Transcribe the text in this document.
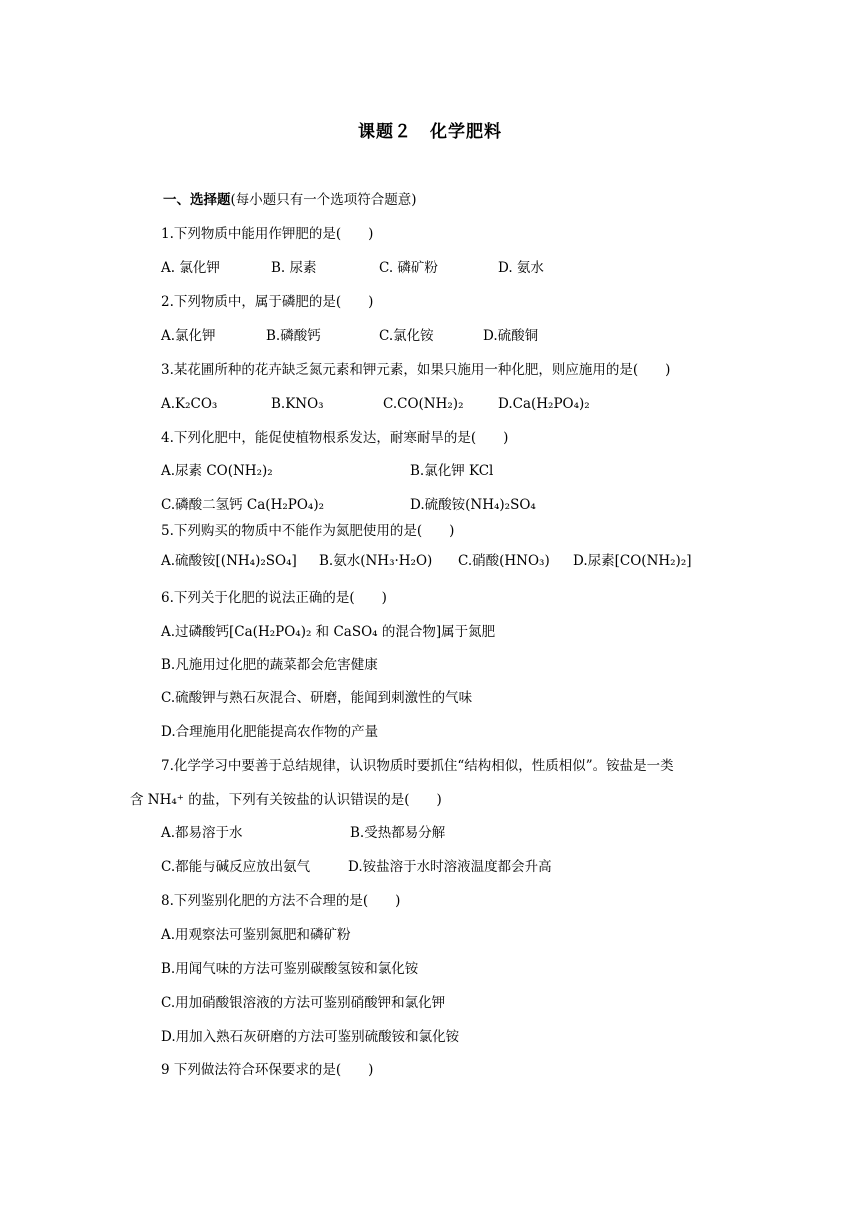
课题２　化学肥料
一、选择题(每小题只有一个选项符合题意)
1.下列物质中能用作钾肥的是(　　)
A. 氯化钾	B. 尿素	C. 磷矿粉	D. 氨水
2.下列物质中，属于磷肥的是(　　)
A.氯化钾	B.磷酸钙	C.氯化铵	D.硫酸铜
3.某花圃所种的花卉缺乏氮元素和钾元素，如果只施用一种化肥，则应施用的是(　　)
A.K₂CO₃	B.KNO₃	C.CO(NH₂)₂	D.Ca(H₂PO₄)₂
4.下列化肥中，能促使植物根系发达，耐寒耐旱的是(　　)
A.尿素 CO(NH₂)₂	B.氯化钾 KCl
C.磷酸二氢钙 Ca(H₂PO₄)₂	D.硫酸铵(NH₄)₂SO₄
5.下列购买的物质中不能作为氮肥使用的是(　　)
A.硫酸铵[(NH₄)₂SO₄] B.氨水(NH₃·H₂O) C.硝酸(HNO₃) D.尿素[CO(NH₂)₂]
6.下列关于化肥的说法正确的是(　　)
A.过磷酸钙[Ca(H₂PO₄)₂ 和 CaSO₄ 的混合物]属于氮肥
B.凡施用过化肥的蔬菜都会危害健康
C.硫酸钾与熟石灰混合、研磨，能闻到刺激性的气味
D.合理施用化肥能提高农作物的产量
7.化学学习中要善于总结规律，认识物质时要抓住“结构相似，性质相似”。铵盐是一类
含 NH₄⁺ 的盐，下列有关铵盐的认识错误的是(　　)
A.都易溶于水	B.受热都易分解
C.都能与碱反应放出氨气	D.铵盐溶于水时溶液温度都会升高
8.下列鉴别化肥的方法不合理的是(　　)
A.用观察法可鉴别氮肥和磷矿粉
B.用闻气味的方法可鉴别碳酸氢铵和氯化铵
C.用加硝酸银溶液的方法可鉴别硝酸钾和氯化钾
D.用加入熟石灰研磨的方法可鉴别硫酸铵和氯化铵
9 下列做法符合环保要求的是(　　)
